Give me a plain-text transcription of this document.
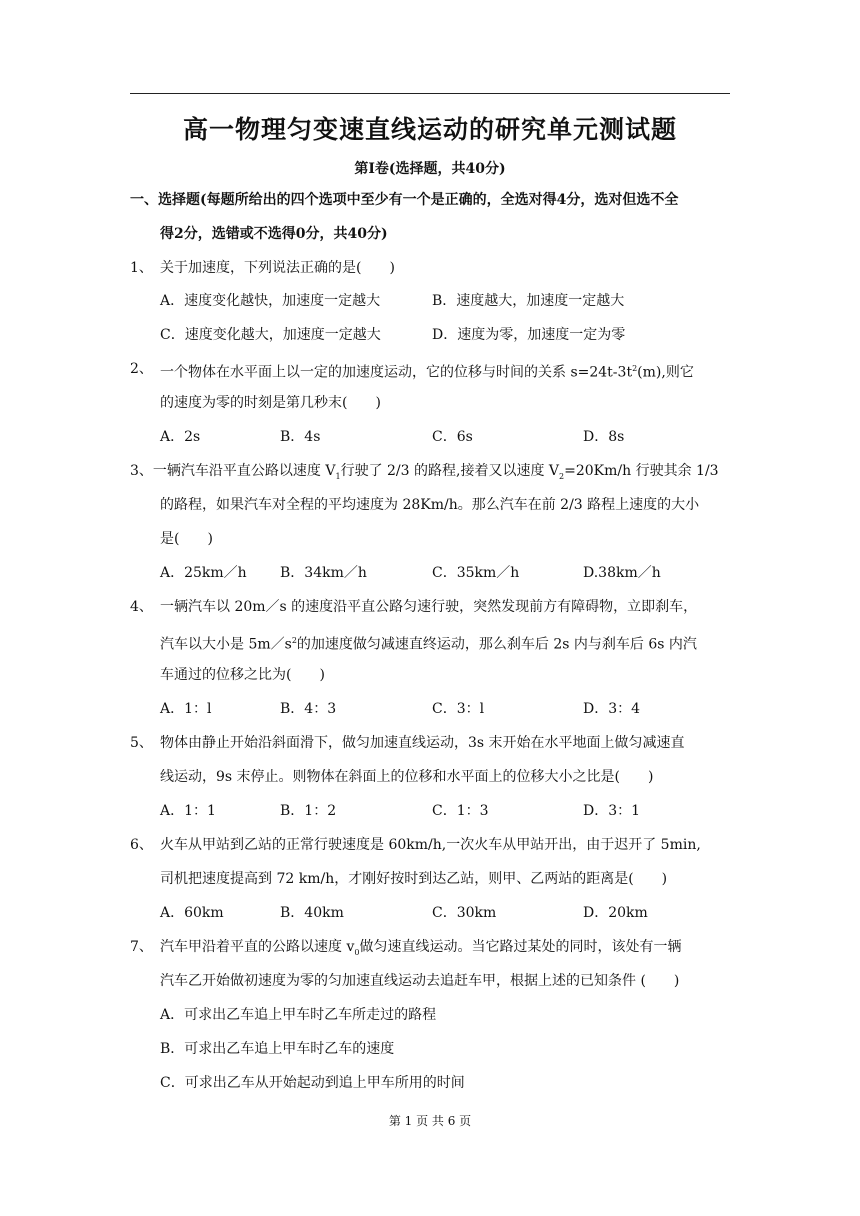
高一物理匀变速直线运动的研究单元测试题
第Ⅰ卷(选择题，共40分)
一、选择题(每题所给出的四个选项中至少有一个是正确的，全选对得4分，选对但选不全
得2分，选错或不选得0分，共40分)
1、 关于加速度，下列说法正确的是(　　)
A．速度变化越快，加速度一定越大	B．速度越大，加速度一定越大
C．速度变化越大，加速度一定越大	D．速度为零，加速度一定为零
2、 一个物体在水平面上以一定的加速度运动，它的位移与时间的关系 $s=24t-3t^2(m)$,则它
的速度为零的时刻是第几秒末(　　)
A．2s	B．4s	C．6s	D．8s
3、一辆汽车沿平直公路以速度 $V_1$行驶了 2/3 的路程,接着又以速度 $V_2=20Km/h$ 行驶其余 1/3
的路程，如果汽车对全程的平均速度为 28Km/h。那么汽车在前 2/3 路程上速度的大小
是(　　)
A．25km／h B．34km／h	C．35km／h	D.38km／h
4、 一辆汽车以 20m／s 的速度沿平直公路匀速行驶，突然发现前方有障碍物，立即刹车，
汽车以大小是 $5m/s^2$的加速度做匀减速直终运动，那么刹车后 2s 内与刹车后 6s 内汽
车通过的位移之比为(　　)
A．1：l	B．4：3	C．3：l	D．3：4
5、 物体由静止开始沿斜面滑下，做匀加速直线运动，3s 末开始在水平地面上做匀减速直
线运动，9s 末停止。则物体在斜面上的位移和水平面上的位移大小之比是(　　)
A．1：1	B．1：2	C．1：3	D．3：1
6、 火车从甲站到乙站的正常行驶速度是 60km/h,一次火车从甲站开出，由于迟开了 5min,
司机把速度提高到 72 km/h，才刚好按时到达乙站，则甲、乙两站的距离是(　　)
A．60km	B．40km	C．30km	D．20km
7、 汽车甲沿着平直的公路以速度 $v_0$做匀速直线运动。当它路过某处的同时，该处有一辆
汽车乙开始做初速度为零的匀加速直线运动去追赶车甲，根据上述的已知条件 (　　)
A．可求出乙车追上甲车时乙车所走过的路程
B．可求出乙车追上甲车时乙车的速度
C．可求出乙车从开始起动到追上甲车所用的时间
第 1 页 共 6 页
